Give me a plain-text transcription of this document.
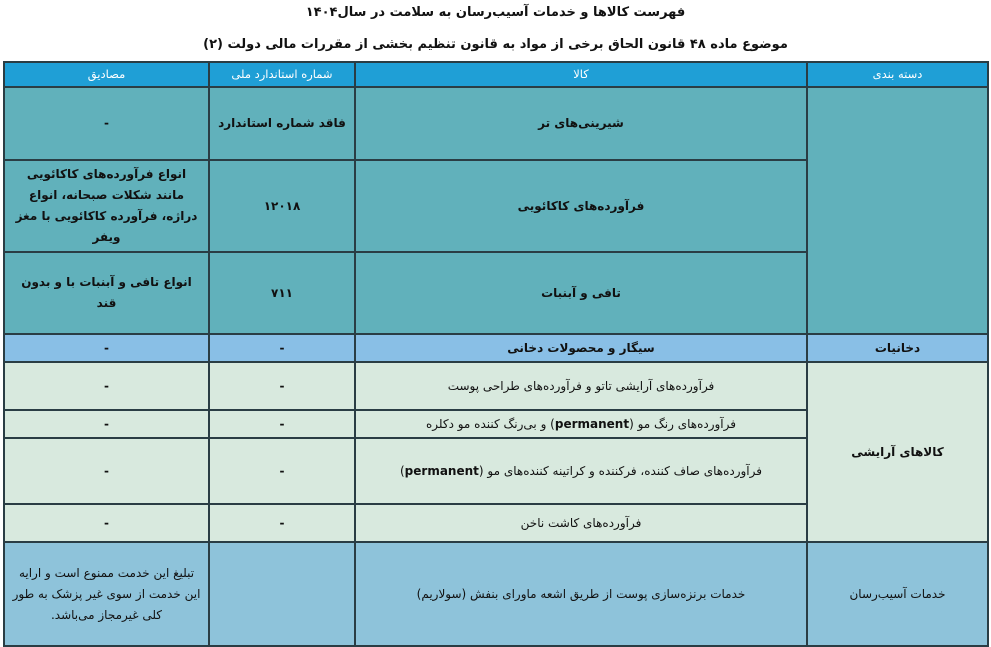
فهرست کالاها و خدمات آسیب‌رسان به سلامت در سال۱۴۰۴
موضوع ماده ۴۸ قانون الحاق برخی از مواد به قانون تنظیم بخشی از مقررات مالی دولت (۲)
دسته بندی	کالا	شماره استاندارد ملی	مصادیق
	شیرینی‌های تر	فاقد شماره استاندارد	-
	فرآورده‌های کاکائویی	۱۲۰۱۸	انواع فرآورده‌های کاکائویی مانند شکلات صبحانه، انواع دراژه، فرآورده کاکائویی با مغز ویفر
	تافی و آبنبات	۷۱۱	انواع تافی و آبنبات با و بدون قند
دخانیات	سیگار و محصولات دخانی	-	-
کالاهای آرایشی	فرآورده‌های آرایشی تاتو و فرآورده‌های طراحی پوست	-	-
	فرآورده‌های رنگ مو (permanent) و بی‌رنگ کننده مو دکلره	-	-
	فرآورده‌های صاف کننده، فرکننده و کراتینه کننده‌های مو (permanent)	-	-
	فرآورده‌های کاشت ناخن	-	-
خدمات آسیب‌رسان	خدمات برنزه‌سازی پوست از طریق اشعه ماورای بنفش (سولاریم)		تبلیغ این خدمت ممنوع است و ارایه این خدمت از سوی غیر پزشک به طور کلی غیرمجاز می‌باشد.
